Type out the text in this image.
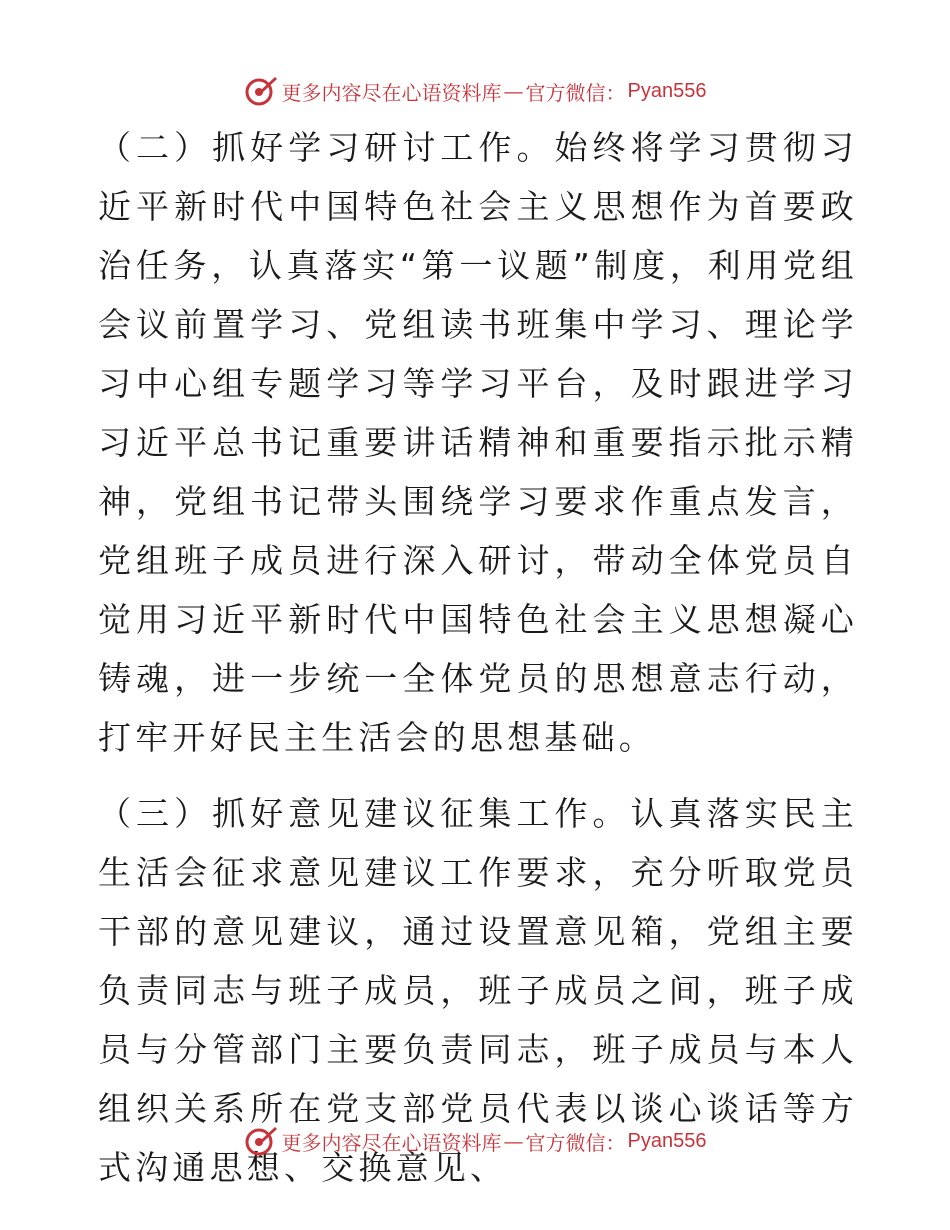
更多内容尽在心语资料库 — 官方微信： Pyan556

（二）抓好学习研讨工作。始终将学习贯彻习近平新时代中国特色社会主义思想作为首要政治任务，认真落实“第一议题”制度，利用党组会议前置学习、党组读书班集中学习、理论学习中心组专题学习等学习平台，及时跟进学习习近平总书记重要讲话精神和重要指示批示精神，党组书记带头围绕学习要求作重点发言，党组班子成员进行深入研讨，带动全体党员自觉用习近平新时代中国特色社会主义思想凝心铸魂，进一步统一全体党员的思想意志行动，打牢开好民主生活会的思想基础。

（三）抓好意见建议征集工作。认真落实民主生活会征求意见建议工作要求，充分听取党员干部的意见建议，通过设置意见箱，党组主要负责同志与班子成员，班子成员之间，班子成员与分管部门主要负责同志，班子成员与本人组织关系所在党支部党员代表以谈心谈话等方式沟通思想、交换意见、

更多内容尽在心语资料库 — 官方微信： Pyan556
